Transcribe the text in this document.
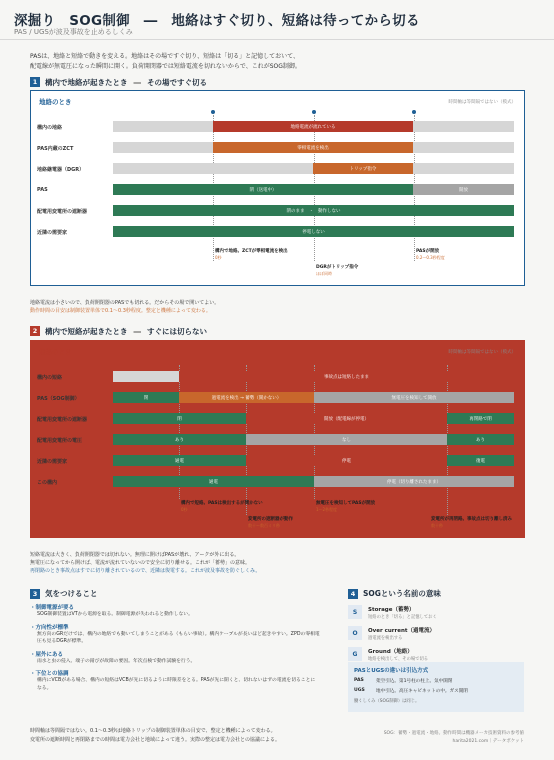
深掘り　SOG制御　―　地絡はすぐ切り、短絡は待ってから切る
PAS / UGSが波及事故を止めるしくみ
PASは、地絡と短絡で動きを変える。地絡はその場ですぐ切り、短絡は「切る」と記憶しておいて、
配電線が無電圧になった瞬間に開く。負荷開閉器では短絡電流を切れないからで、これがSOG制御。
1	構内で地絡が起きたとき ― その場ですぐ切る
地絡のとき	時間軸は等間隔ではない（模式）
構内の地絡	地絡電流が流れている
PAS内蔵のZCT	零相電流を検出
地絡継電器（DGR）	トリップ指令
PAS	閉（送電中）	開放
配電用変電所の遮断器	閉のまま　・　動作しない
近隣の需要家	停電しない
構内で地絡。ZCTが零相電流を検出
0秒
DGRがトリップ指令
ほぼ同時
PASが開放
0.2〜0.3秒程度
地絡電流は小さいので、負荷開閉器のPASでも切れる。だからその場で開いてよい。
動作時間の目安は制御装置単体で0.1〜0.3秒程度。整定と機種によって変わる。
2	構内で短絡が起きたとき ― すぐには切らない
短絡のとき	時間軸は等間隔ではない（模式）
構内の短絡	事故点は短絡したまま
PAS（SOG制御）	閉	過電流を検出 → 蓄勢（開かない）	無電圧を検知して開放
配電用変電所の遮断器	閉	開放（配電線が停電）	再閉路で閉
配電用変電所の電圧	あり	なし	あり
近隣の需要家	通電	停電	復電
この構内	通電	停電（切り離されたまま）
構内で短絡。PASは検出するが開かない
0秒
変電所の遮断器が動作
数十〜数百ミリ秒
無電圧を検知してPASが開放
1〜2秒程度
変電所が再閉路。事故点は切り離し済み
数十秒
短絡電流は大きく、負荷開閉器では切れない。無理に開けばPASが壊れ、アークが外に出る。
無電圧になってから開けば、電流が流れていないので安全に切り離せる。これが「蓄勢」の意味。
再閉路のとき事故点はすでに切り離されているので、近隣は復電する。これが波及事故を防ぐしくみ。
3	気をつけること
・制御電源が要る
SOG制御装置はVTから電源を取る。制御電源が失われると動作しない。
・方向性が標準
無方向のGRだけでは、構内の地絡でも動いてしまうことがある（もらい事故）。構内ケーブルが長いほど起きやすい。ZPDの零相電
圧も見るDGRが標準。
・屋外にある
雨水と虫の侵入、端子の錆びが故障の要因。年次点検で動作試験を行う。
・下位との協調
構内にVCBがある場合、構内の短絡はVCBが先に切るように時限差をとる。PASが先に開くと、切れないはずの電流を切ることに
なる。
4	SOGという名前の意味
S	Storage（蓄勢）
短絡のとき「切る」と記憶しておく
O	Over current（過電流）
過電流を検出する
G	Ground（地絡）
地絡を検出して、その場で切る
PASとUGSの違いは引込方式
PAS	架空引込。第1号柱の柱上。気中開閉
UGS	地中引込。高圧キャビネットの中。ガス開閉
働くしくみ（SOG制御）は同じ。
時間軸は等間隔ではない。0.1〜0.3秒は地絡トリップの制御装置単体の目安で、整定と機種によって変わる。
変電所の遮断時間と再閉路までの時間は電力会社と地域によって違う。実際の整定は電力会社との協議による。
SOG：蓄勢・過電流・地絡。動作時間は機器メーカ技術資料の参考値
harita2021.com｜データポケット
